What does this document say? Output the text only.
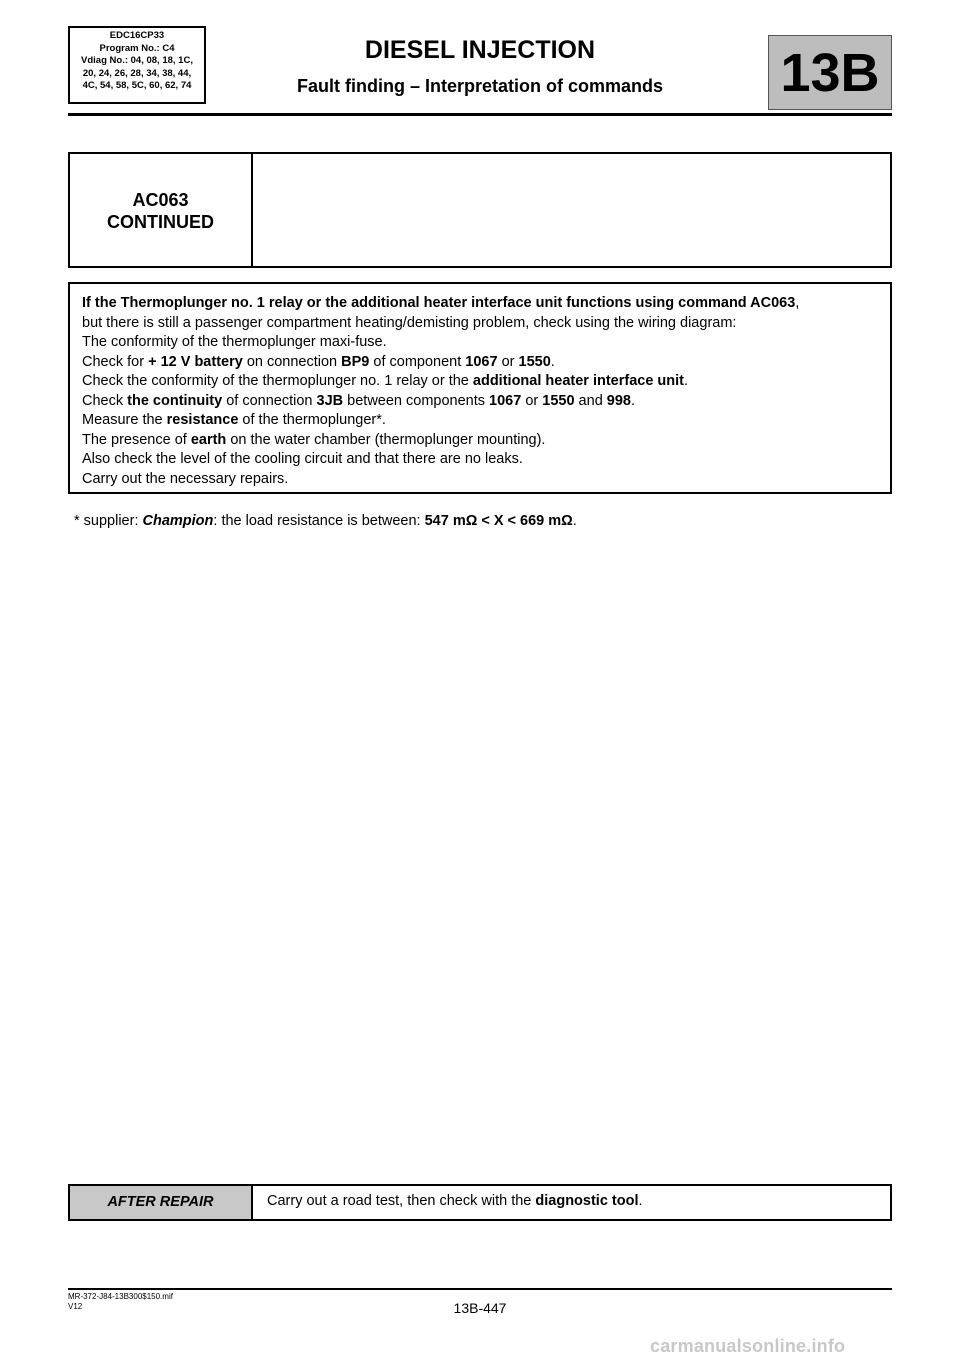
EDC16CP33
Program No.: C4
Vdiag No.: 04, 08, 18, 1C,
20, 24, 26, 28, 34, 38, 44,
4C, 54, 58, 5C, 60, 62, 74
DIESEL INJECTION
Fault finding – Interpretation of commands	13B
AC063
CONTINUED

If the Thermoplunger no. 1 relay or the additional heater interface unit functions using command AC063,

but there is still a passenger compartment heating/demisting problem, check using the wiring diagram:

The conformity of the thermoplunger maxi-fuse.

Check for + 12 V battery on connection BP9 of component 1067 or 1550.

Check the conformity of the thermoplunger no. 1 relay or the additional heater interface unit.

Check the continuity of connection 3JB between components 1067 or 1550 and 998.

Measure the resistance of the thermoplunger*.

The presence of earth on the water chamber (thermoplunger mounting).

Also check the level of the cooling circuit and that there are no leaks.

Carry out the necessary repairs.

* supplier: Champion: the load resistance is between: 547 mΩ < X < 669 mΩ.
AFTER REPAIR	Carry out a road test, then check with the diagnostic tool.
MR-372-J84-13B300$150.mif
V12	13B-447
carmanualsonline.info
